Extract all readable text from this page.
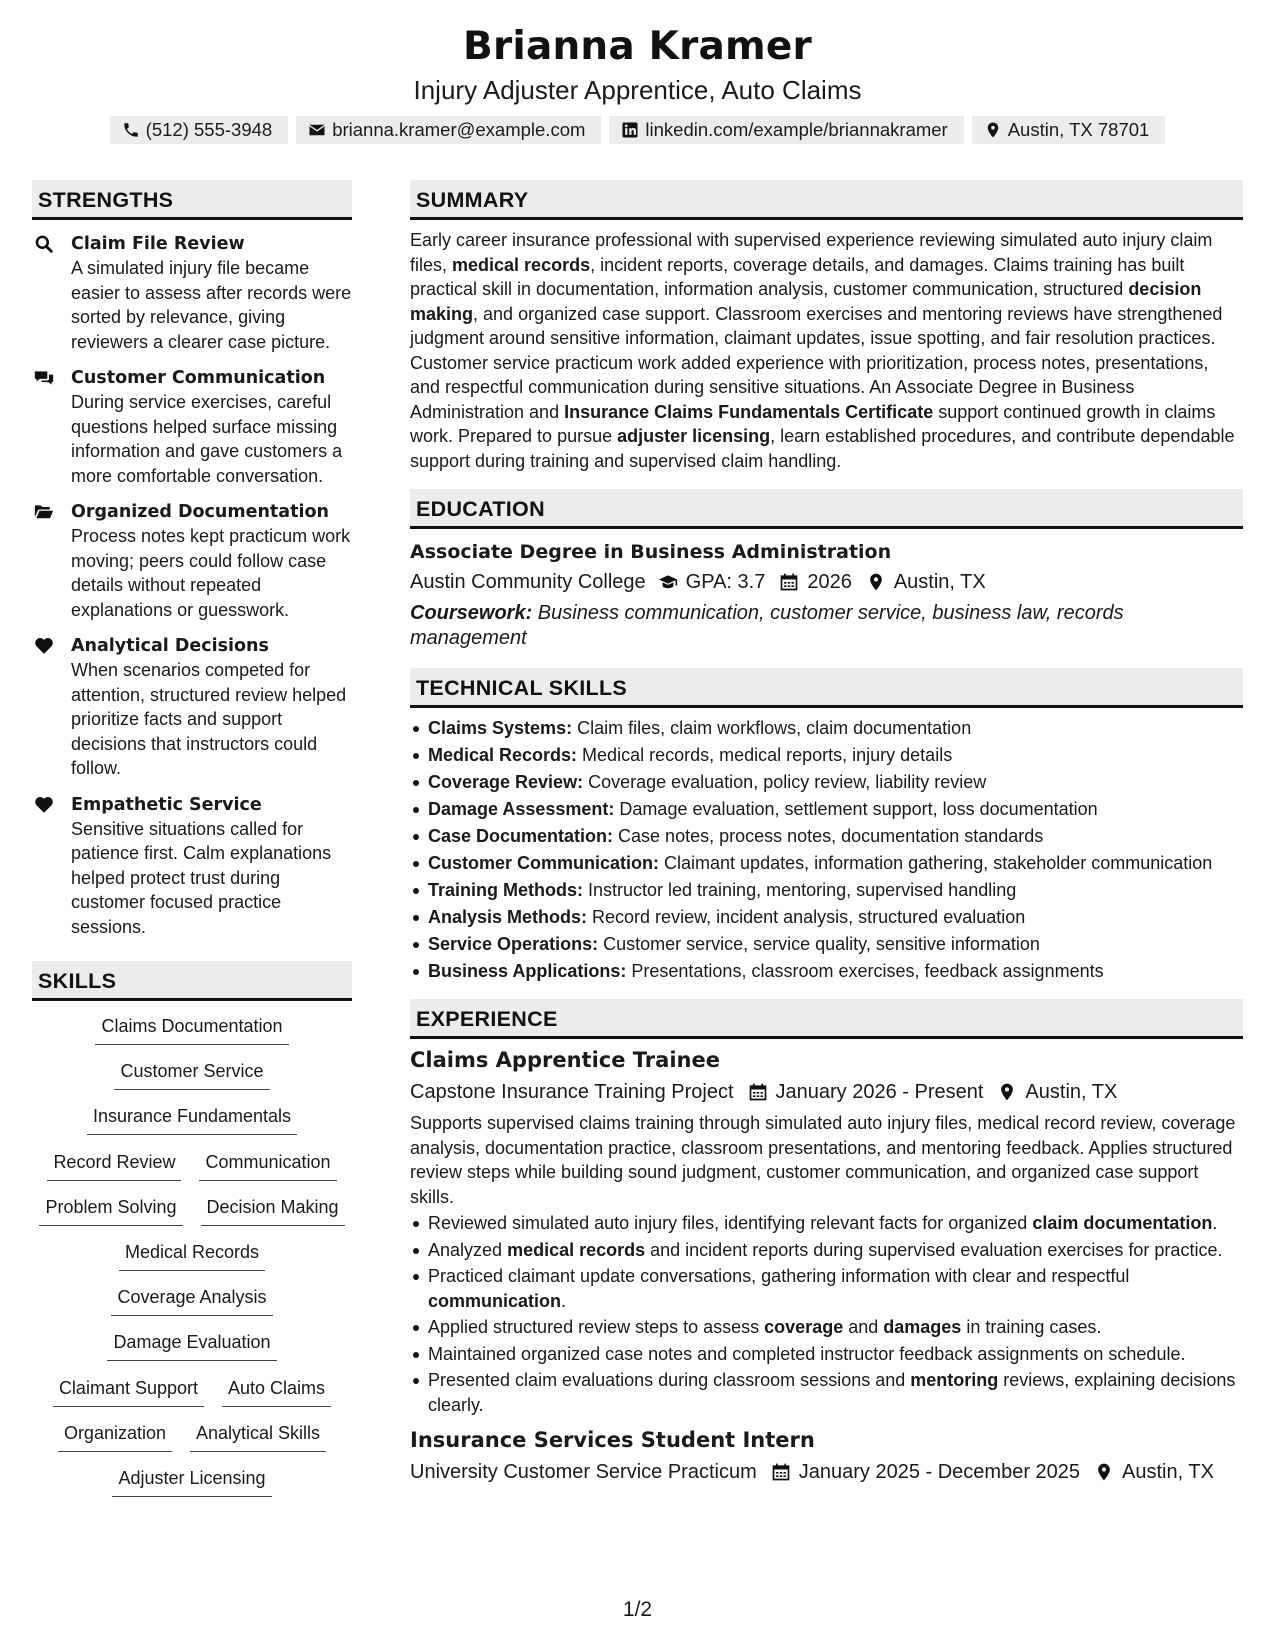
Brianna Kramer
Injury Adjuster Apprentice, Auto Claims
(512) 555-3948	brianna.kramer@example.com	linkedin.com/example/briannakramer	Austin, TX 78701
STRENGTHS
Claim File Review
A simulated injury file became easier to assess after records were sorted by relevance, giving reviewers a clearer case picture.
Customer Communication
During service exercises, careful questions helped surface missing information and gave customers a more comfortable conversation.
Organized Documentation
Process notes kept practicum work moving; peers could follow case details without repeated explanations or guesswork.
Analytical Decisions
When scenarios competed for attention, structured review helped prioritize facts and support decisions that instructors could follow.
Empathetic Service
Sensitive situations called for patience first. Calm explanations helped protect trust during customer focused practice sessions.
SKILLS
Claims Documentation
Customer Service
Insurance Fundamentals
Record Review	Communication
Problem Solving	Decision Making
Medical Records
Coverage Analysis
Damage Evaluation
Claimant Support	Auto Claims
Organization	Analytical Skills
Adjuster Licensing
SUMMARY
Early career insurance professional with supervised experience reviewing simulated auto injury claim files, medical records, incident reports, coverage details, and damages. Claims training has built practical skill in documentation, information analysis, customer communication, structured decision making, and organized case support. Classroom exercises and mentoring reviews have strengthened judgment around sensitive information, claimant updates, issue spotting, and fair resolution practices. Customer service practicum work added experience with prioritization, process notes, presentations, and respectful communication during sensitive situations. An Associate Degree in Business Administration and Insurance Claims Fundamentals Certificate support continued growth in claims work. Prepared to pursue adjuster licensing, learn established procedures, and contribute dependable support during training and supervised claim handling.
EDUCATION
Associate Degree in Business Administration
Austin Community College GPA: 3.7 2026 Austin, TX
Coursework: Business communication, customer service, business law, records management
TECHNICAL SKILLS
Claims Systems: Claim files, claim workflows, claim documentation
Medical Records: Medical records, medical reports, injury details
Coverage Review: Coverage evaluation, policy review, liability review
Damage Assessment: Damage evaluation, settlement support, loss documentation
Case Documentation: Case notes, process notes, documentation standards
Customer Communication: Claimant updates, information gathering, stakeholder communication
Training Methods: Instructor led training, mentoring, supervised handling
Analysis Methods: Record review, incident analysis, structured evaluation
Service Operations: Customer service, service quality, sensitive information
Business Applications: Presentations, classroom exercises, feedback assignments
EXPERIENCE
Claims Apprentice Trainee
Capstone Insurance Training Project January 2026 - Present Austin, TX
Supports supervised claims training through simulated auto injury files, medical record review, coverage analysis, documentation practice, classroom presentations, and mentoring feedback. Applies structured review steps while building sound judgment, customer communication, and organized case support skills.
Reviewed simulated auto injury files, identifying relevant facts for organized claim documentation.
Analyzed medical records and incident reports during supervised evaluation exercises for practice.
Practiced claimant update conversations, gathering information with clear and respectful communication.
Applied structured review steps to assess coverage and damages in training cases.
Maintained organized case notes and completed instructor feedback assignments on schedule.
Presented claim evaluations during classroom sessions and mentoring reviews, explaining decisions clearly.
Insurance Services Student Intern
University Customer Service Practicum January 2025 - December 2025 Austin, TX
1/2
